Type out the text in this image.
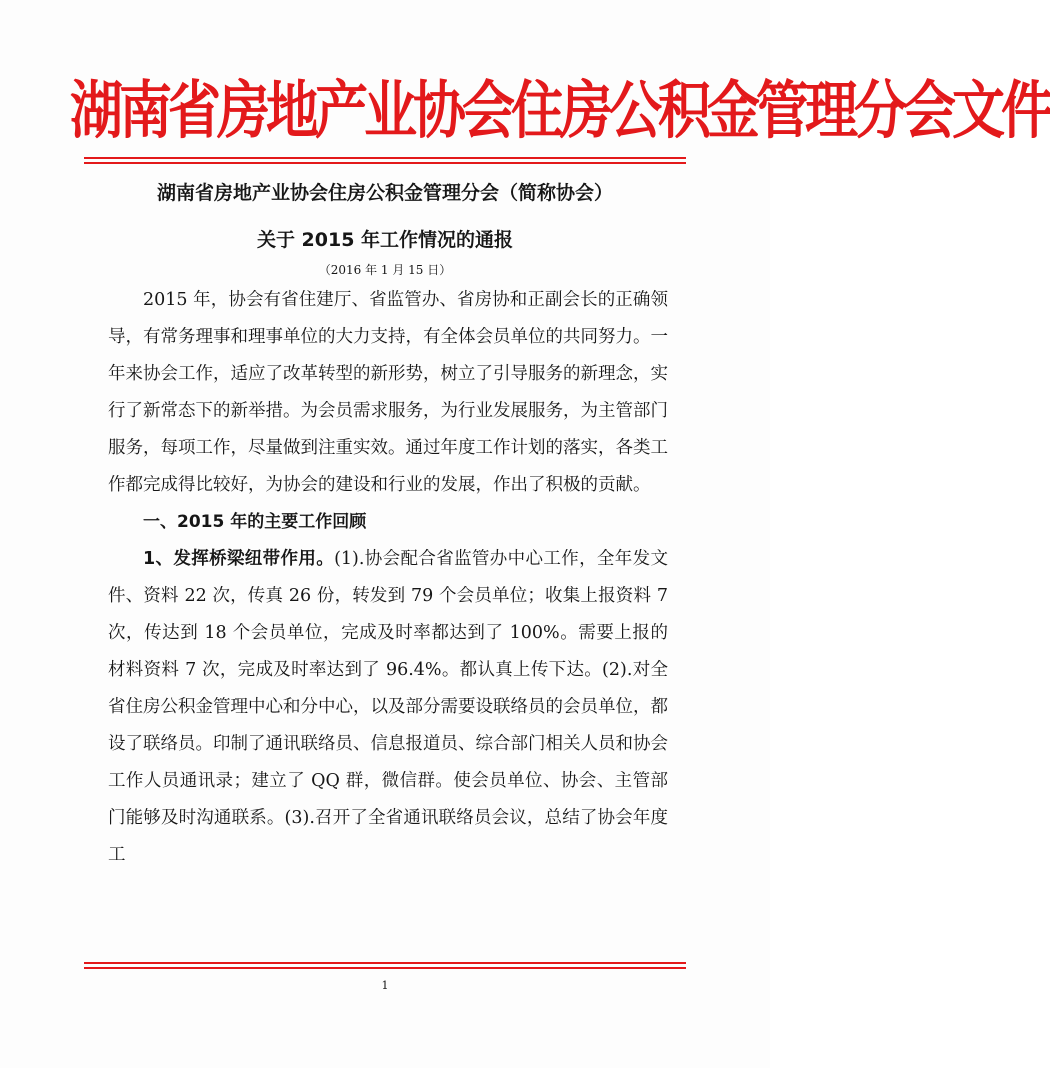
湖南省房地产业协会住房公积金管理分会文件
湖南省房地产业协会住房公积金管理分会（简称协会）
关于 2015 年工作情况的通报
（2016 年 1 月 15 日）

2015 年，协会有省住建厅、省监管办、省房协和正副会长的正确领导，有常务理事和理事单位的大力支持，有全体会员单位的共同努力。一年来协会工作，适应了改革转型的新形势，树立了引导服务的新理念，实行了新常态下的新举措。为会员需求服务，为行业发展服务，为主管部门服务，每项工作，尽量做到注重实效。通过年度工作计划的落实，各类工作都完成得比较好，为协会的建设和行业的发展，作出了积极的贡献。

一、2015 年的主要工作回顾

1、发挥桥梁纽带作用。(1).协会配合省监管办中心工作，全年发文件、资料 22 次，传真 26 份，转发到 79 个会员单位；收集上报资料 7 次，传达到 18 个会员单位，完成及时率都达到了 100%。需要上报的材料资料 7 次，完成及时率达到了 96.4%。都认真上传下达。(2).对全省住房公积金管理中心和分中心，以及部分需要设联络员的会员单位，都设了联络员。印制了通讯联络员、信息报道员、综合部门相关人员和协会工作人员通讯录；建立了 QQ 群，微信群。使会员单位、协会、主管部门能够及时沟通联系。(3).召开了全省通讯联络员会议，总结了协会年度工

1
